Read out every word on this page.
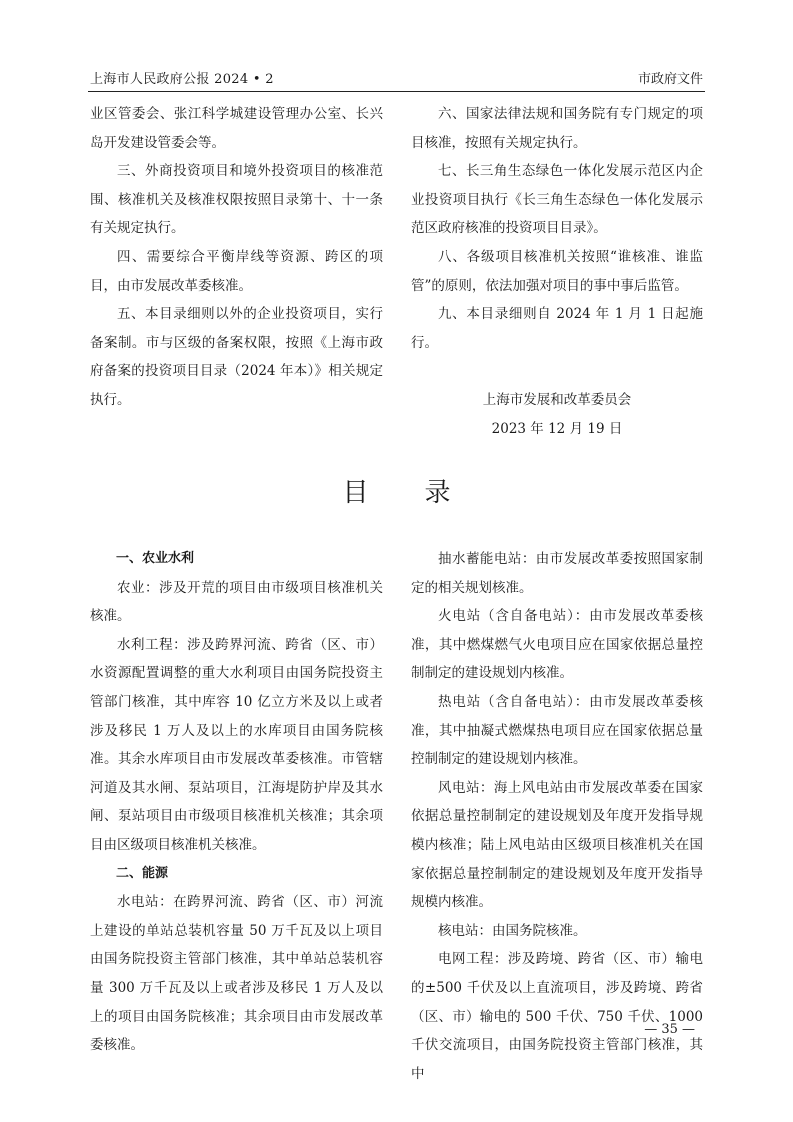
上海市人民政府公报 2024 • 2	市政府文件

业区管委会、张江科学城建设管理办公室、长兴岛开发建设管委会等。

三、外商投资项目和境外投资项目的核准范围、核准机关及核准权限按照目录第十、十一条有关规定执行。

四、需要综合平衡岸线等资源、跨区的项目，由市发展改革委核准。

五、本目录细则以外的企业投资项目，实行备案制。市与区级的备案权限，按照《上海市政府备案的投资项目目录（2024 年本）》相关规定执行。

六、国家法律法规和国务院有专门规定的项目核准，按照有关规定执行。

七、长三角生态绿色一体化发展示范区内企业投资项目执行《长三角生态绿色一体化发展示范区政府核准的投资项目目录》。

八、各级项目核准机关按照“谁核准、谁监管”的原则，依法加强对项目的事中事后监管。

九、本目录细则自 2024 年 1 月 1 日起施行。

上海市发展和改革委员会

2023 年 12 月 19 日

目 录

一、农业水利

农业：涉及开荒的项目由市级项目核准机关核准。

水利工程：涉及跨界河流、跨省（区、市）水资源配置调整的重大水利项目由国务院投资主管部门核准，其中库容 10 亿立方米及以上或者涉及移民 1 万人及以上的水库项目由国务院核准。其余水库项目由市发展改革委核准。市管辖河道及其水闸、泵站项目，江海堤防护岸及其水闸、泵站项目由市级项目核准机关核准；其余项目由区级项目核准机关核准。

二、能源

水电站：在跨界河流、跨省（区、市）河流上建设的单站总装机容量 50 万千瓦及以上项目由国务院投资主管部门核准，其中单站总装机容量 300 万千瓦及以上或者涉及移民 1 万人及以上的项目由国务院核准；其余项目由市发展改革委核准。

抽水蓄能电站：由市发展改革委按照国家制定的相关规划核准。

火电站（含自备电站）：由市发展改革委核准，其中燃煤燃气火电项目应在国家依据总量控制制定的建设规划内核准。

热电站（含自备电站）：由市发展改革委核准，其中抽凝式燃煤热电项目应在国家依据总量控制制定的建设规划内核准。

风电站：海上风电站由市发展改革委在国家依据总量控制制定的建设规划及年度开发指导规模内核准；陆上风电站由区级项目核准机关在国家依据总量控制制定的建设规划及年度开发指导规模内核准。

核电站：由国务院核准。

电网工程：涉及跨境、跨省（区、市）输电的±500 千伏及以上直流项目，涉及跨境、跨省（区、市）输电的 500 千伏、750 千伏、1000 千伏交流项目，由国务院投资主管部门核准，其中

— 35 —
